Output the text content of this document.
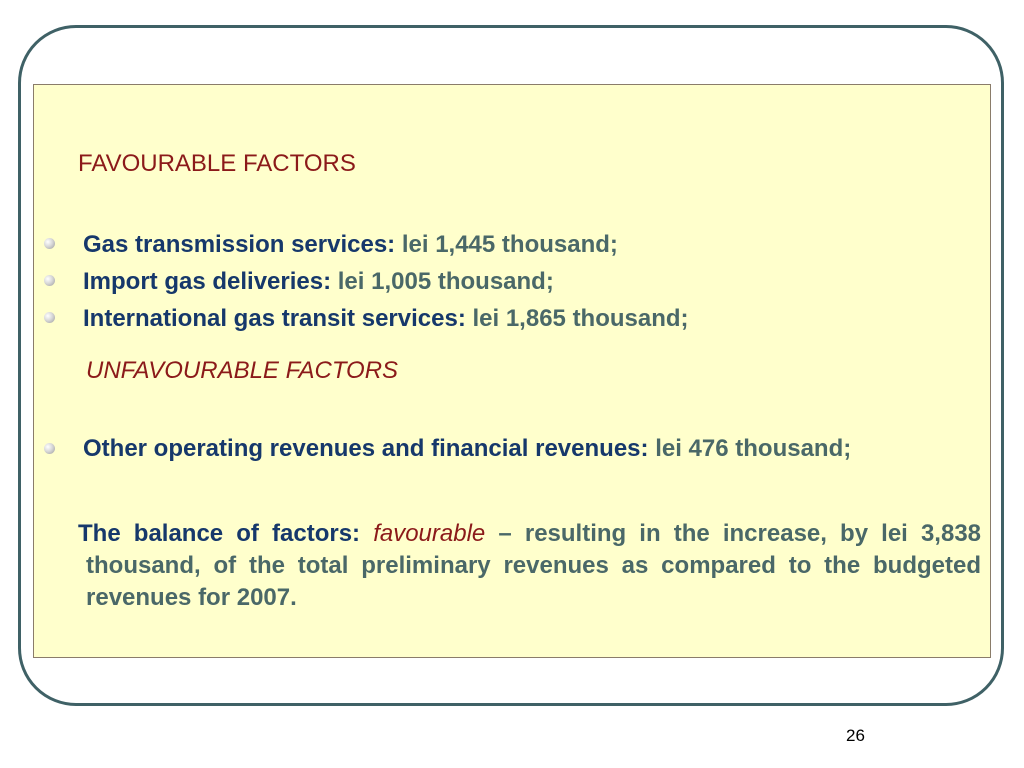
FAVOURABLE FACTORS

Gas transmission services: lei 1,445 thousand;
Import gas deliveries: lei 1,005 thousand;
International gas transit services: lei 1,865 thousand;

UNFAVOURABLE FACTORS

Other operating revenues and financial revenues: lei 476 thousand;

The balance of factors: favourable – resulting in the increase, by lei 3,838 thousand, of the total preliminary revenues as compared to the budgeted revenues for 2007.

26
